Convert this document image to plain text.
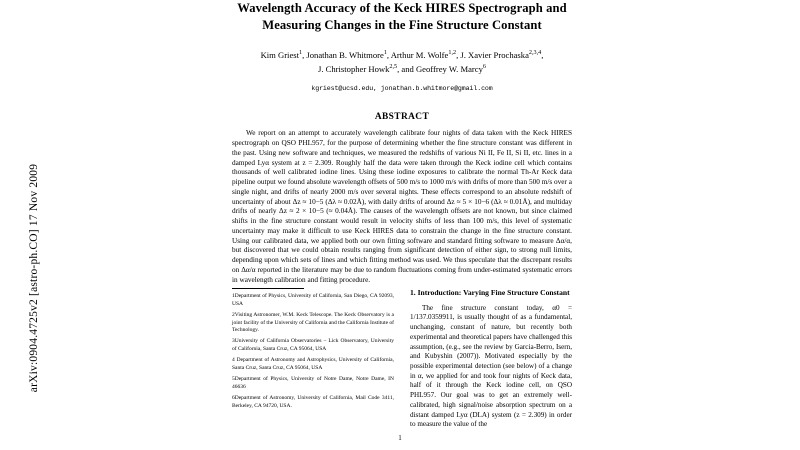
arXiv:0904.4725v2 [astro-ph.CO] 17 Nov 2009
Wavelength Accuracy of the Keck HIRES Spectrograph and Measuring Changes in the Fine Structure Constant
Kim Griest$^1$, Jonathan B. Whitmore$^1$, Arthur M. Wolfe$^{1,2}$, J. Xavier Prochaska$^{2,3,4}$,
J. Christopher Howk$^{2,5}$, and Geoffrey W. Marcy$^6$
kgriest@ucsd.edu, jonathan.b.whitmore@gmail.com
ABSTRACT
We report on an attempt to accurately wavelength calibrate four nights of data taken with the Keck HIRES spectrograph on QSO PHL957, for the purpose of determining whether the fine structure constant was different in the past. Using new software and techniques, we measured the redshifts of various Ni II, Fe II, Si II, etc. lines in a damped Lyα system at z = 2.309. Roughly half the data were taken through the Keck iodine cell which contains thousands of well calibrated iodine lines. Using these iodine exposures to calibrate the normal Th-Ar Keck data pipeline output we found absolute wavelength offsets of 500 m/s to 1000 m/s with drifts of more than 500 m/s over a single night, and drifts of nearly 2000 m/s over several nights. These effects correspond to an absolute redshift of uncertainty of about Δz ≈ 10−5 (Δλ ≈ 0.02Å), with daily drifts of around Δz ≈ 5 × 10−6 (Δλ ≈ 0.01Å), and multiday drifts of nearly Δz ≈ 2 × 10−5 (≈ 0.04Å). The causes of the wavelength offsets are not known, but since claimed shifts in the fine structure constant would result in velocity shifts of less than 100 m/s, this level of systematic uncertainty may make it difficult to use Keck HIRES data to constrain the change in the fine structure constant. Using our calibrated data, we applied both our own fitting software and standard fitting software to measure Δα/α, but discovered that we could obtain results ranging from significant detection of either sign, to strong null limits, depending upon which sets of lines and which fitting method was used. We thus speculate that the discrepant results on Δα/α reported in the literature may be due to random fluctuations coming from under-estimated systematic errors in wavelength calibration and fitting procedure.

1Department of Physics, University of California, San Diego, CA 92093, USA

2Visiting Astronomer, W.M. Keck Telescope. The Keck Observatory is a joint facility of the University of California and the California Institute of Technology.

3University of California Observatories – Lick Observatory, University of California, Santa Cruz, CA 95064, USA

4 Department of Astronomy and Astrophysics, University of California, Santa Cruz, Santa Cruz, CA 95064, USA

5Department of Physics, University of Notre Dame, Notre Dame, IN 46636

6Department of Astronomy, University of California, Mail Code 3411, Berkeley, CA 94720, USA.

1. Introduction: Varying Fine Structure Constant

The fine structure constant today, α0 = 1/137.0359911, is usually thought of as a fundamental, unchanging, constant of nature, but recently both experimental and theoretical papers have challenged this assumption, (e.g., see the review by Garcia-Berro, Isern, and Kubyshin (2007)). Motivated especially by the possible experimental detection (see below) of a change in α, we applied for and took four nights of Keck data, half of it through the Keck iodine cell, on QSO PHL957. Our goal was to get an extremely well-calibrated, high signal/noise absorption spectrum on a distant damped Lyα (DLA) system (z = 2.309) in order to measure the value of the

1
